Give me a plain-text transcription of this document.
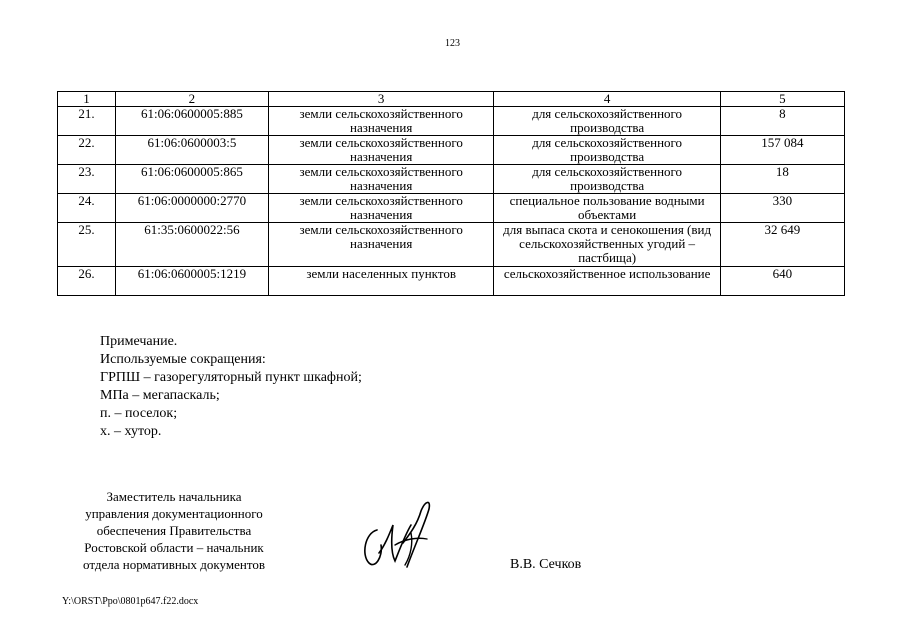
123
1	2	3	4	5
21.	61:06:0600005:885	земли сельскохозяйственного назначения	для сельскохозяйственного производства	8
22.	61:06:0600003:5	земли сельскохозяйственного назначения	для сельскохозяйственного производства	157 084
23.	61:06:0600005:865	земли сельскохозяйственного назначения	для сельскохозяйственного производства	18
24.	61:06:0000000:2770	земли сельскохозяйственного назначения	специальное пользование водными объектами	330
25.	61:35:0600022:56	земли сельскохозяйственного назначения	для выпаса скота и сенокошения (вид сельскохозяйственных угодий – пастбища)	32 649
26.	61:06:0600005:1219	земли населенных пунктов	сельскохозяйственное использование	640
Примечание.
Используемые сокращения:
ГРПШ – газорегуляторный пункт шкафной;
МПа – мегапаскаль;
п. – поселок;
х. – хутор.
Заместитель начальника
управления документационного
обеспечения Правительства
Ростовской области – начальник
отдела нормативных документов	В.В. Сечков
Y:\ORST\Ppo\0801p647.f22.docx
